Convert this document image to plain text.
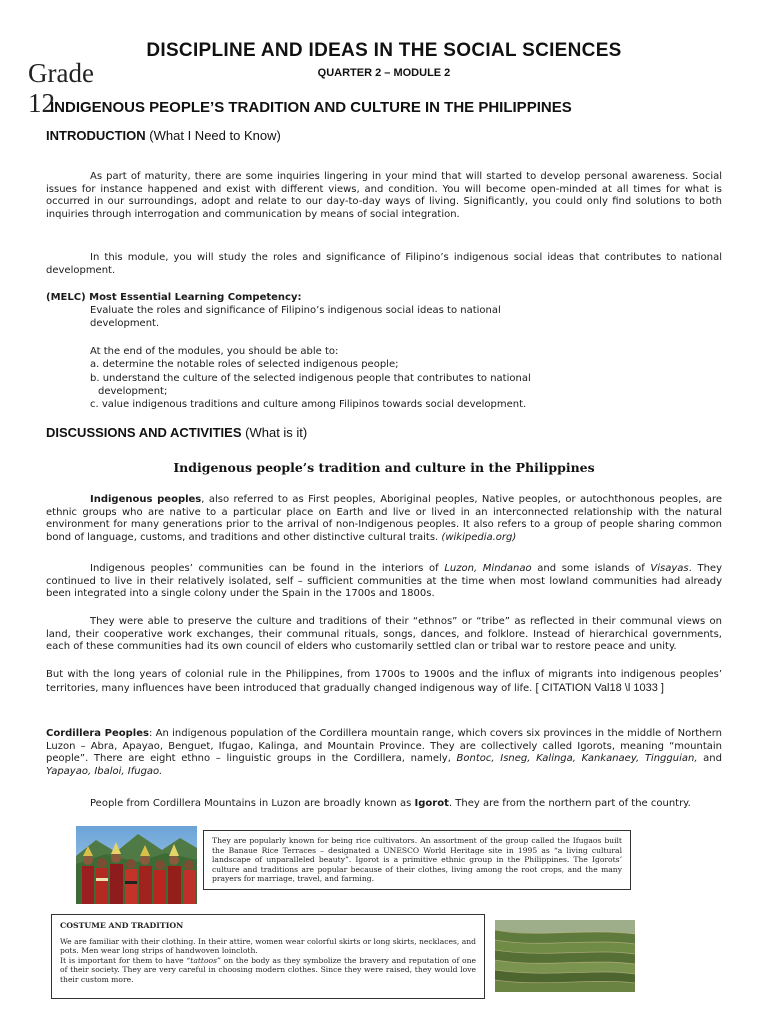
DISCIPLINE AND IDEAS IN THE SOCIAL SCIENCES
Grade 12
QUARTER 2 – MODULE 2
INDIGENOUS PEOPLE’S TRADITION AND CULTURE IN THE PHILIPPINES
INTRODUCTION (What I Need to Know)
As part of maturity, there are some inquiries lingering in your mind that will started to develop personal awareness. Social issues for instance happened and exist with different views, and condition. You will become open-minded at all times for what is occurred in our surroundings, adopt and relate to our day-to-day ways of living. Significantly, you could only find solutions to both inquiries through interrogation and communication by means of social integration.
In this module, you will study the roles and significance of Filipino’s indigenous social ideas that contributes to national development.
(MELC) Most Essential Learning Competency:
Evaluate the roles and significance of Filipino’s indigenous social ideas to national
development.
At the end of the modules, you should be able to:
a. determine the notable roles of selected indigenous people;
b. understand the culture of the selected indigenous people that contributes to national
development;
c. value indigenous traditions and culture among Filipinos towards social development.
DISCUSSIONS AND ACTIVITIES (What is it)
Indigenous people’s tradition and culture in the Philippines
Indigenous peoples, also referred to as First peoples, Aboriginal peoples, Native peoples, or autochthonous peoples, are ethnic groups who are native to a particular place on Earth and live or lived in an interconnected relationship with the natural environment for many generations prior to the arrival of non-Indigenous peoples. It also refers to a group of people sharing common bond of language, customs, and traditions and other distinctive cultural traits. (wikipedia.org)
Indigenous peoples’ communities can be found in the interiors of Luzon, Mindanao and some islands of Visayas. They continued to live in their relatively isolated, self – sufficient communities at the time when most lowland communities had already been integrated into a single colony under the Spain in the 1700s and 1800s.
They were able to preserve the culture and traditions of their “ethnos” or “tribe” as reflected in their communal views on land, their cooperative work exchanges, their communal rituals, songs, dances, and folklore. Instead of hierarchical governments, each of these communities had its own council of elders who customarily settled clan or tribal war to restore peace and unity.
But with the long years of colonial rule in the Philippines, from 1700s to 1900s and the influx of migrants into indigenous peoples’ territories, many influences have been introduced that gradually changed indigenous way of life. [ CITATION Val18 \l 1033 ]
Cordillera Peoples: An indigenous population of the Cordillera mountain range, which covers six provinces in the middle of Northern Luzon – Abra, Apayao, Benguet, Ifugao, Kalinga, and Mountain Province. They are collectively called Igorots, meaning “mountain people”. There are eight ethno – linguistic groups in the Cordillera, namely, Bontoc, Isneg, Kalinga, Kankanaey, Tingguian, and Yapayao, Ibaloi, Ifugao.
People from Cordillera Mountains in Luzon are broadly known as Igorot. They are from the northern part of the country.
They are popularly known for being rice cultivators. An assortment of the group called the Ifugaos built the Banaue Rice Terraces – designated a UNESCO World Heritage site in 1995 as “a living cultural landscape of unparalleled beauty”. Igorot is a primitive ethnic group in the Philippines. The Igorots’ culture and traditions are popular because of their clothes, living among the root crops, and the many prayers for marriage, travel, and farming.
COSTUME AND TRADITION
We are familiar with their clothing. In their attire, women wear colorful skirts or long skirts, necklaces, and pots. Men wear long strips of handwoven loincloth.
It is important for them to have “tattoos” on the body as they symbolize the bravery and reputation of one of their society. They are very careful in choosing modern clothes. Since they were raised, they would love their custom more.
